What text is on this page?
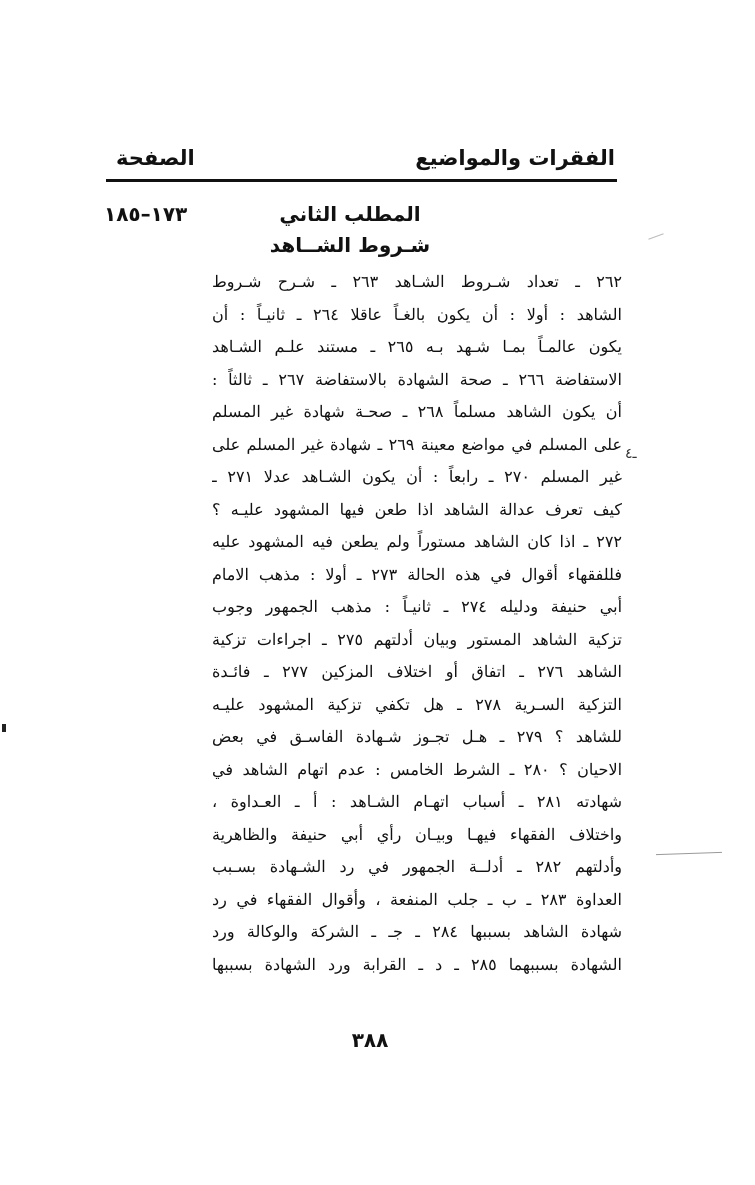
الفقرات والمواضيع
الصفحة
١٧٣–١٨٥	المطلب الثاني
شـروط الشــاهد
٢٦٢ ـ تعداد شـروط الشـاهد ٢٦٣ ـ شـرح شـروط
الشاهد : أولا : أن يكون بالغـاً عاقلا ٢٦٤ ـ ثانيـاً : أن
يكون عالمـاً بمـا شـهد بـه ٢٦٥ ـ مستند علـم الشـاهد
الاستفاضة ٢٦٦ ـ صحة الشهادة بالاستفاضة ٢٦٧ ـ ثالثاً :
أن يكون الشاهد مسلماً ٢٦٨ ـ صحـة شهادة غير المسلم
على المسلم في مواضع معينة ٢٦٩ ـ شهادة غير المسلم على
غير المسلم ٢٧٠ ـ رابعاً : أن يكون الشـاهد عدلا ٢٧١ ـ
كيف تعرف عدالة الشاهد اذا طعن فيها المشهود عليـه ؟
٢٧٢ ـ اذا كان الشاهد مستوراً ولم يطعن فيه المشهود عليه
فللفقهاء أقوال في هذه الحالة ٢٧٣ ـ أولا : مذهب الامام
أبي حنيفة ودليله ٢٧٤ ـ ثانيـاً : مذهب الجمهور وجوب
تزكية الشاهد المستور وبيان أدلتهم ٢٧٥ ـ اجراءات تزكية
الشاهد ٢٧٦ ـ اتفاق أو اختلاف المزكين ٢٧٧ ـ فائـدة
التزكية السـرية ٢٧٨ ـ هل تكفي تزكية المشهود عليـه
للشاهد ؟ ٢٧٩ ـ هـل تجـوز شـهادة الفاسـق في بعض
الاحيان ؟ ٢٨٠ ـ الشرط الخامس : عدم اتهام الشاهد في
شهادته ٢٨١ ـ أسباب اتهـام الشـاهد : أ ـ العـداوة ،
واختلاف الفقهاء فيهـا وبيـان رأي أبي حنيفة والظاهرية
وأدلتهم ٢٨٢ ـ أدلــة الجمهور في رد الشـهادة بسـبب
العداوة ٢٨٣ ـ ب ـ جلب المنفعة ، وأقوال الفقهاء في رد
شهادة الشاهد بسببها ٢٨٤ ـ جـ ـ الشركة والوكالة ورد
الشهادة بسببهما ٢٨٥ ـ د ـ القرابة ورد الشهادة بسببها
ـ٤
٣٨٨
